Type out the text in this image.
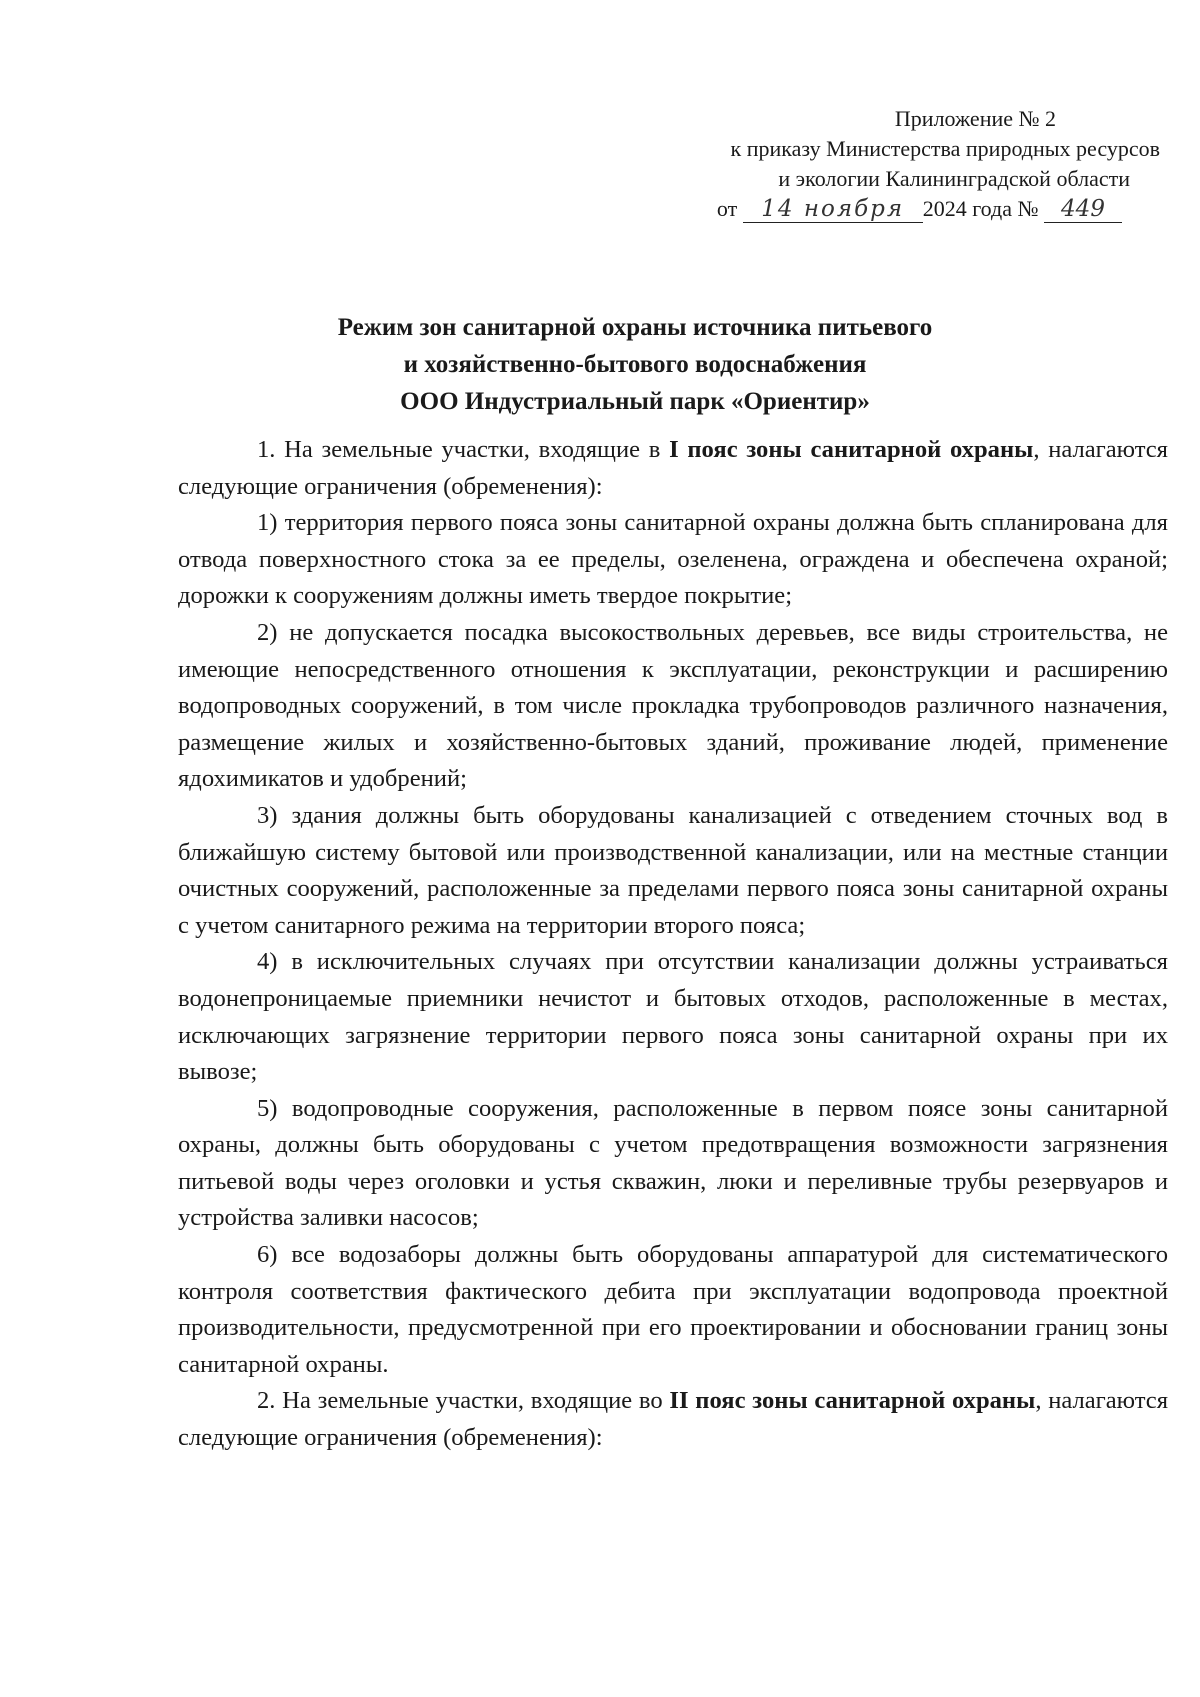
Приложение № 2
к приказу Министерства природных ресурсов
и экологии Калининградской области
от 14 ноября 2024 года № 449
Режим зон санитарной охраны источника питьевого
и хозяйственно-бытового водоснабжения
ООО Индустриальный парк «Ориентир»

1. На земельные участки, входящие в I пояс зоны санитарной охраны, налагаются следующие ограничения (обременения):

1) территория первого пояса зоны санитарной охраны должна быть спланирована для отвода поверхностного стока за ее пределы, озеленена, ограждена и обеспечена охраной; дорожки к сооружениям должны иметь твердое покрытие;

2) не допускается посадка высокоствольных деревьев, все виды строительства, не имеющие непосредственного отношения к эксплуатации, реконструкции и расширению водопроводных сооружений, в том числе прокладка трубопроводов различного назначения, размещение жилых и хозяйственно-бытовых зданий, проживание людей, применение ядохимикатов и удобрений;

3) здания должны быть оборудованы канализацией с отведением сточных вод в ближайшую систему бытовой или производственной канализации, или на местные станции очистных сооружений, расположенные за пределами первого пояса зоны санитарной охраны с учетом санитарного режима на территории второго пояса;

4) в исключительных случаях при отсутствии канализации должны устраиваться водонепроницаемые приемники нечистот и бытовых отходов, расположенные в местах, исключающих загрязнение территории первого пояса зоны санитарной охраны при их вывозе;

5) водопроводные сооружения, расположенные в первом поясе зоны санитарной охраны, должны быть оборудованы с учетом предотвращения возможности загрязнения питьевой воды через оголовки и устья скважин, люки и переливные трубы резервуаров и устройства заливки насосов;

6) все водозаборы должны быть оборудованы аппаратурой для систематического контроля соответствия фактического дебита при эксплуатации водопровода проектной производительности, предусмотренной при его проектировании и обосновании границ зоны санитарной охраны.

2. На земельные участки, входящие во II пояс зоны санитарной охраны, налагаются следующие ограничения (обременения):
